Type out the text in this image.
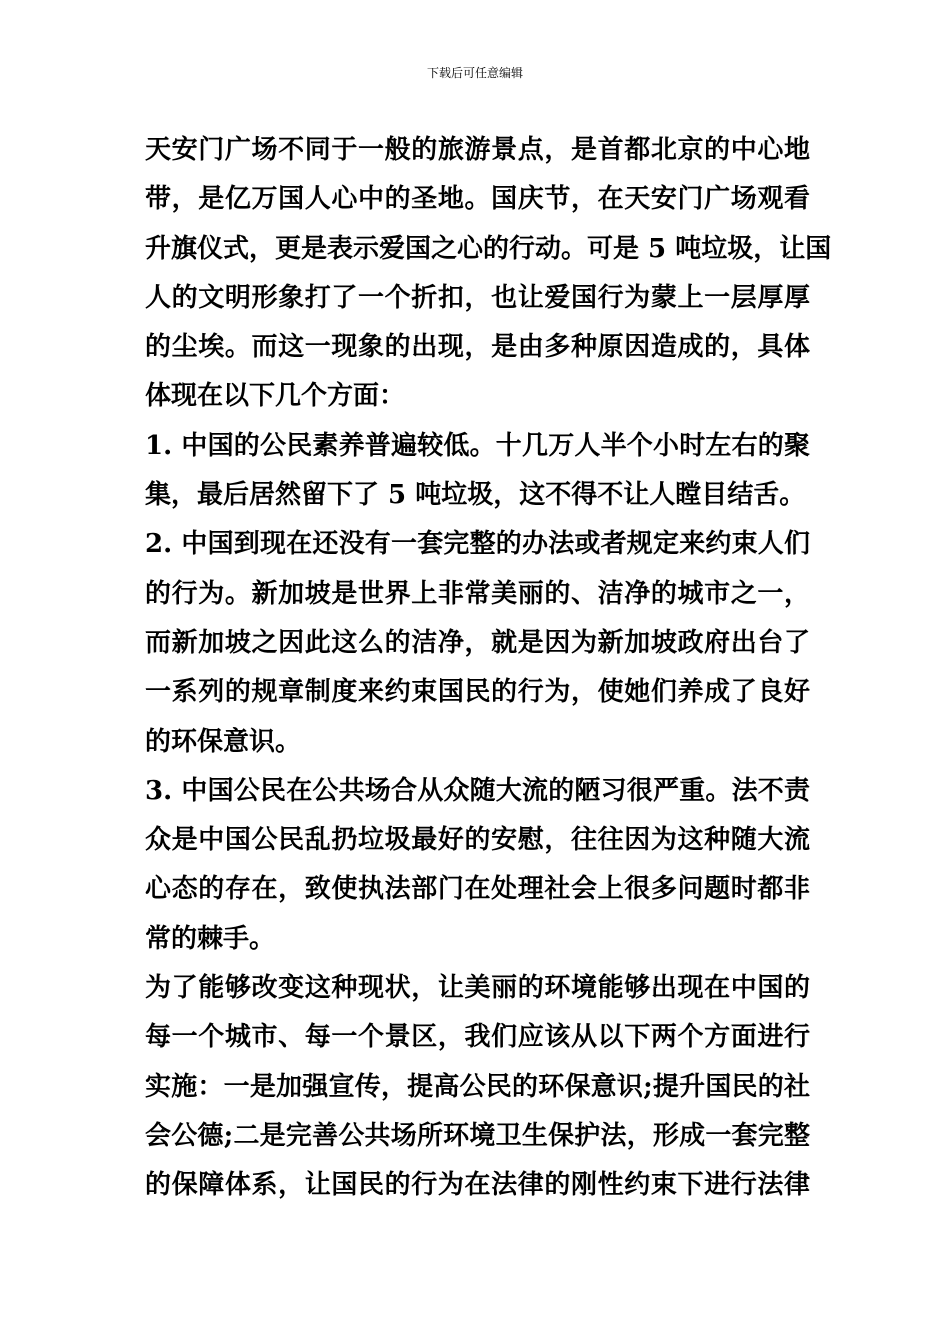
下载后可任意编辑
天安门广场不同于一般的旅游景点，是首都北京的中心地
带，是亿万国人心中的圣地。国庆节，在天安门广场观看
升旗仪式，更是表示爱国之心的行动。可是 5 吨垃圾，让国
人的文明形象打了一个折扣，也让爱国行为蒙上一层厚厚
的尘埃。而这一现象的出现，是由多种原因造成的，具体
体现在以下几个方面：
1. 中国的公民素养普遍较低。十几万人半个小时左右的聚
集，最后居然留下了 5 吨垃圾，这不得不让人瞠目结舌。
2. 中国到现在还没有一套完整的办法或者规定来约束人们
的行为。新加坡是世界上非常美丽的、洁净的城市之一，
而新加坡之因此这么的洁净，就是因为新加坡政府出台了
一系列的规章制度来约束国民的行为，使她们养成了良好
的环保意识。
3. 中国公民在公共场合从众随大流的陋习很严重。法不责
众是中国公民乱扔垃圾最好的安慰，往往因为这种随大流
心态的存在，致使执法部门在处理社会上很多问题时都非
常的棘手。
为了能够改变这种现状，让美丽的环境能够出现在中国的
每一个城市、每一个景区，我们应该从以下两个方面进行
实施：一是加强宣传，提高公民的环保意识;提升国民的社
会公德;二是完善公共场所环境卫生保护法，形成一套完整
的保障体系，让国民的行为在法律的刚性约束下进行法律
